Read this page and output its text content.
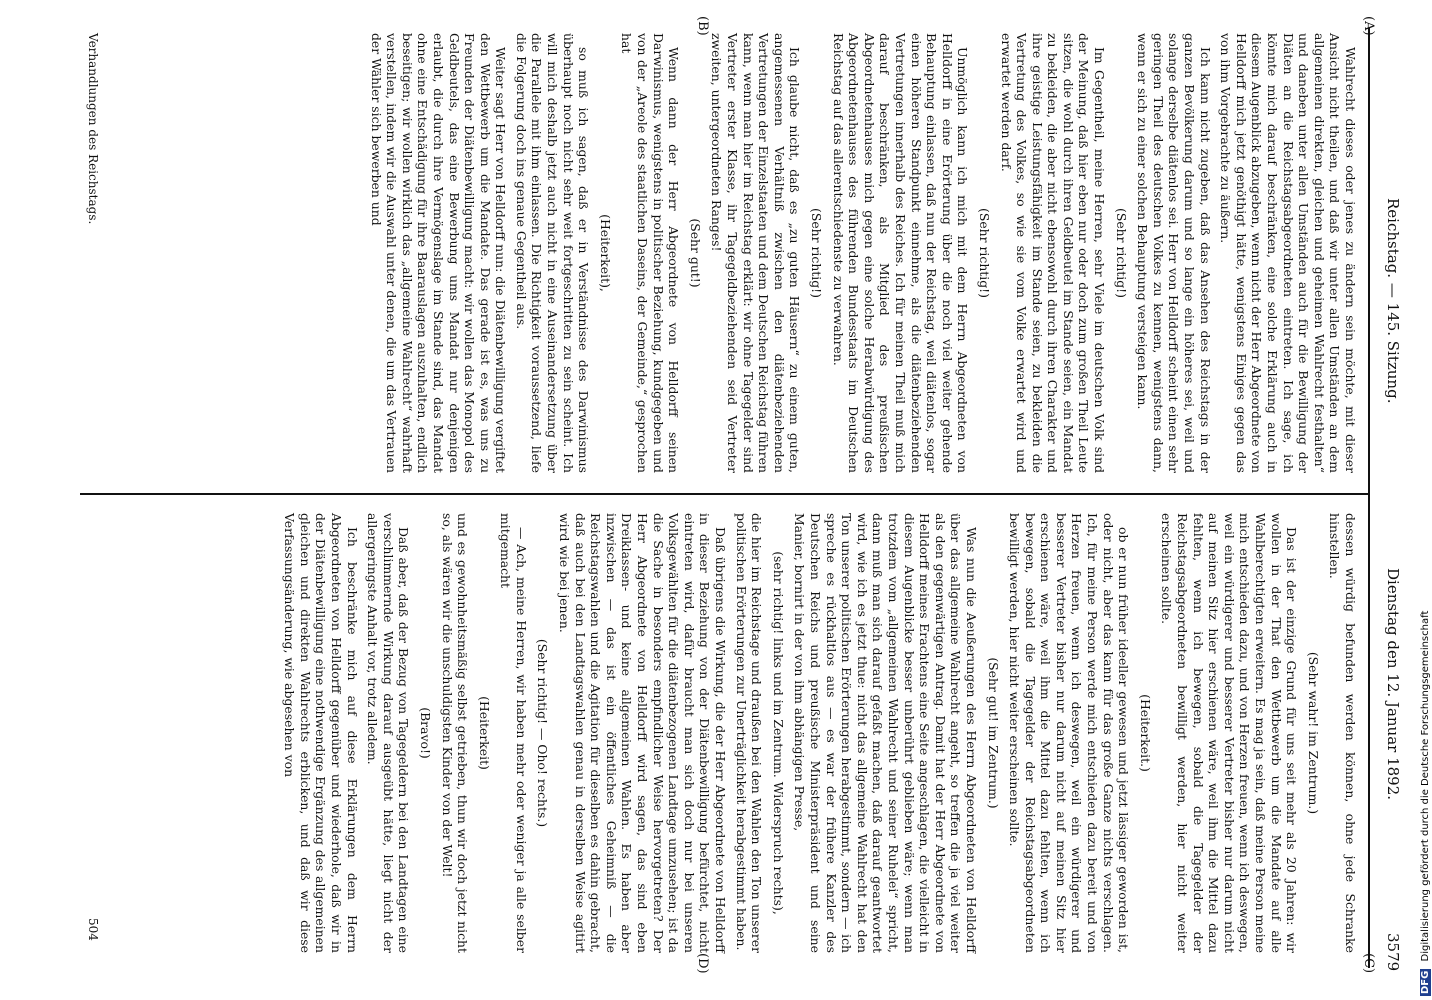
Reichstag. — 145. Sitzung.
Dienstag den 12. Januar 1892.
3579
(A)
(B)
(C)
(D)

Wahlrecht dieses oder jenes zu ändern sein möchte, mit dieser Ansicht nicht theilen, und daß wir unter allen Umständen an dem allgemeinen direkten, gleichen und geheimen Wahlrecht festhalten“ und daneben unter allen Umständen auch für die Bewilligung der Diäten an die Reichstagsabgeordneten eintreten. Ich sage, ich könnte mich darauf beschränken, eine solche Erklärung auch in diesem Augenblick abzugeben, wenn nicht der Herr Abgeordnete von Helldorff mich jetzt genöthigt hätte, wenigstens Einiges gegen das von ihm Vorgebrachte zu äußern.

Ich kann nicht zugeben, daß das Ansehen des Reichstags in der ganzen Bevölkerung darum und so lange ein höheres sei, weil und solange derselbe diätenlos sei. Herr von Helldorff scheint einen sehr geringen Theil des deutschen Volkes zu kennen, wenigstens dann, wenn er sich zu einer solchen Behauptung versteigen kann.

(Sehr richtig!)

Im Gegentheil, meine Herren, sehr Viele im deutschen Volk sind der Meinung, daß hier eben nur oder doch zum großen Theil Leute sitzen, die wohl durch ihren Geldbeutel im Stande seien, ein Mandat zu bekleiden, die aber nicht ebensowohl durch ihren Charakter und ihre geistige Leistungsfähigkeit im Stande seien, zu bekleiden die Vertretung des Volkes, so wie sie vom Volke erwartet wird und erwartet werden darf.

(Sehr richtig!)

Unmöglich kann ich mich mit dem Herrn Abgeordneten von Helldorff in eine Erörterung über die noch viel weiter gehende Behauptung einlassen, daß nun der Reichstag, weil diätenlos, sogar einen höheren Standpunkt einnehme, als die diätenbeziehenden Vertretungen innerhalb des Reiches. Ich für meinen Theil muß mich darauf beschränken, als Mitglied des preußischen Abgeordnetenhauses mich gegen eine solche Herabwürdigung des Abgeordnetenhauses des führenden Bundesstaats im Deutschen Reichstag auf das allerentschiedenste zu verwahren.

(Sehr richtig!)

Ich glaube nicht, daß es „zu guten Häusern“ zu einem guten, angemessenen Verhältniß zwischen den diätenbeziehenden Vertretungen der Einzelstaaten und dem Deutschen Reichstag führen kann, wenn man hier im Reichstag erklärt: wir ohne Tagegelder sind Vertreter erster Klasse, ihr Tagegeldbeziehenden seid Vertreter zweiten, untergeordneten Ranges!

(Sehr gut!)

Wenn dann der Herr Abgeordnete von Helldorff seinen Darwinismus, wenigstens in politischer Beziehung, kundgegeben und von der „Areole des staatlichen Daseins, der Gemeinde,“ gesprochen hat

(Heiterkeit),

so muß ich sagen, daß er in Verständnisse des Darwinismus überhaupt noch nicht sehr weit fortgeschritten zu sein scheint. Ich will mich deshalb jetzt auch nicht in eine Auseinandersetzung über die Parallele mit ihm einlassen. Die Richtigkeit voraussetzend, liefe die Folgerung doch ins genaue Gegentheil aus.

Weiter sagt Herr von Helldorff nun: die Diätenbewilligung vergiftet den Wettbewerb um die Mandate. Das gerade ist es, was uns zu Freunden der Diätenbewilligung macht: wir wollen das Monopol des Geldbeutels, das eine Bewerbung ums Mandat nur denjenigen erlaubt, die durch ihre Vermögenslage im Stande sind, das Mandat ohne eine Entschädigung für ihre Baarauslagen auszuhalten, endlich beseitigen; wir wollen wirklich das „allgemeine Wahlrecht“ wahrhaft verstellen, indem wir die Auswahl unter denen, die um das Vertrauen der Wähler sich bewerben und

dessen würdig befunden werden können, ohne jede Schranke hinstellen.

(Sehr wahr! im Zentrum.)

Das ist der einzige Grund für uns seit mehr als 20 Jahren: wir wollen in der That den Wettbewerb um die Mandate auf alle Wahlberechtigten erweitern. Es mag ja sein, daß meine Person meine mich entschieden dazu, und von Herzen freuen, wenn ich deswegen, weil ein würdigerer und besserer Vertreter bisher nur darum nicht auf meinen Sitz hier erschienen wäre, weil ihm die Mittel dazu fehlten, wenn ich bewegen, sobald die Tagegelder der Reichstagsabgeordneten bewilligt werden, hier nicht weiter erscheinen sollte.

(Heiterkeit.)

ob er nun früher ideeller gewesen und jetzt lässiger geworden ist, oder nicht, aber das kann für das große Ganze nichts verschlagen. Ich, für meine Person werde mich entschieden dazu bereit und von Herzen freuen, wenn ich deswegen, weil ein würdigerer und besserer Vertreter bisher nur darum nicht auf meinen Sitz hier erschienen wäre, weil ihm die Mittel dazu fehlten, wenn ich bewegen, sobald die Tagegelder der Reichstagsabgeordneten bewilligt werden, hier nicht weiter erscheinen sollte.

(Sehr gut! im Zentrum.)

Was nun die Aeußerungen des Herrn Abgeordneten von Helldorff über das allgemeine Wahlrecht angeht, so treffen die ja viel weiter als den gegenwärtigen Antrag. Damit hat der Herr Abgeordnete von Helldorff meines Erachtens eine Seite angeschlagen, die vielleicht in diesem Augenblicke besser unberührt geblieben wäre; wenn man trotzdem vom „allgemeinen Wahlrecht und seiner Ruhelei“ spricht, dann muß man sich darauf gefaßt machen, daß darauf geantwortet wird, wie ich es jetzt thue: nicht das allgemeine Wahlrecht hat den Ton unserer politischen Erörterungen herabgestimmt, sondern — ich spreche es rückhaltlos aus — es war der frühere Kanzler des Deutschen Reichs und preußische Ministerpräsident und seine Manier, bornirt in der von ihm abhängigen Presse,

(sehr richtig! links und im Zentrum. Widerspruch rechts),

die hier im Reichstage und draußen bei den Wahlen den Ton unserer politischen Erörterungen zur Unerträglichkeit herabgestimmt haben.

Daß übrigens die Wirkung, die der Herr Abgeordnete von Helldorff in dieser Beziehung von der Diätenbewilligung befürchtet, nicht eintreten wird, dafür braucht man sich doch nur bei unseren Volksgewählten für die diätenbezogenen Landtage umzusehen; ist da die Sache in besonders empfindlicher Weise hervorgetreten? Der Herr Abgeordnete von Helldorff wird sagen, das sind eben Dreiklassen- und keine allgemeinen Wahlen. Es haben aber inzwischen — das ist ein öffentliches Geheimniß — die Reichstagswahlen und die Agitation für dieselben es dahin gebracht, daß auch bei den Landtagswahlen genau in derselben Weise agitirt wird wie bei jenen.

(Sehr richtig! — Oho! rechts.)

— Ach, meine Herren, wir haben mehr oder weniger ja alle selber mitgemacht

(Heiterkeit)

und es gewohnheitsmäßig selbst getrieben, thun wir doch jetzt nicht so, als wären wir die unschuldigsten Kinder von der Welt!

(Bravo!)

Daß aber, daß der Bezug von Tagegeldern bei den Landtagen eine verschlimmernde Wirkung darauf ausgeübt hätte, liegt nicht der allergeringste Anhalt vor, trotz alledem.

Ich beschränke mich auf diese Erklärungen dem Herrn Abgeordneten von Helldorff gegenüber und wiederhole, daß wir in der Diätenbewilligung eine nothwendige Ergänzung des allgemeinen gleichen und direkten Wahlrechts erblicken, und daß wir diese Verfassungsänderung, wie abgesehen von

Verhandlungen des Reichstags.
504
DFG Digitalisierung gefördert durch die Deutsche Forschungsgemeinschaft
